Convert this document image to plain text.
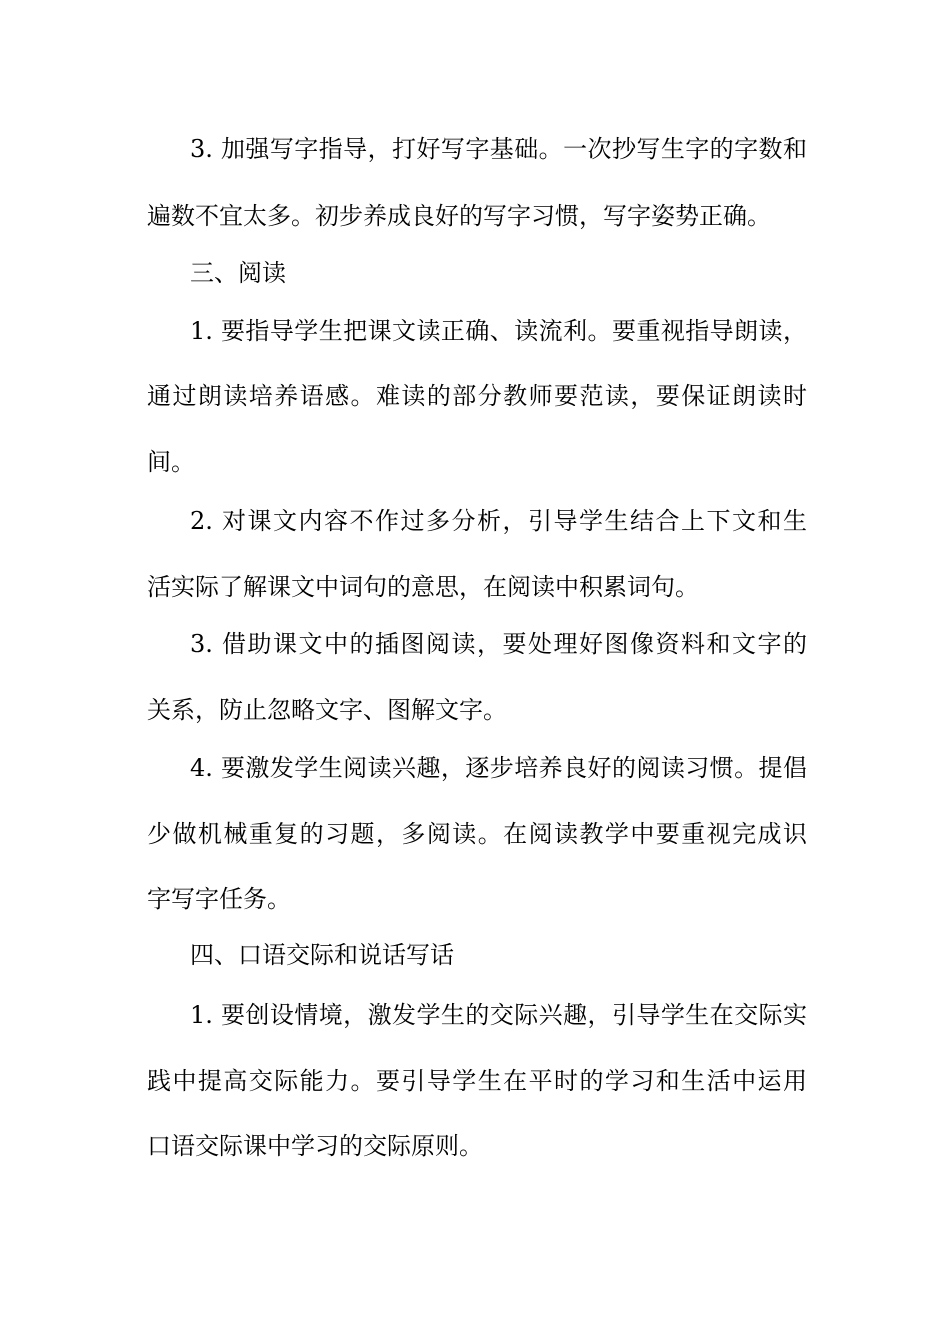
3. 加强写字指导，打好写字基础。一次抄写生字的字数和
遍数不宜太多。初步养成良好的写字习惯，写字姿势正确。
三、阅读
1. 要指导学生把课文读正确、读流利。要重视指导朗读，
通过朗读培养语感。难读的部分教师要范读，要保证朗读时
间。
2. 对课文内容不作过多分析，引导学生结合上下文和生
活实际了解课文中词句的意思，在阅读中积累词句。
3. 借助课文中的插图阅读，要处理好图像资料和文字的
关系，防止忽略文字、图解文字。
4. 要激发学生阅读兴趣，逐步培养良好的阅读习惯。提倡
少做机械重复的习题，多阅读。在阅读教学中要重视完成识
字写字任务。
四、口语交际和说话写话
1. 要创设情境，激发学生的交际兴趣，引导学生在交际实
践中提高交际能力。要引导学生在平时的学习和生活中运用
口语交际课中学习的交际原则。
